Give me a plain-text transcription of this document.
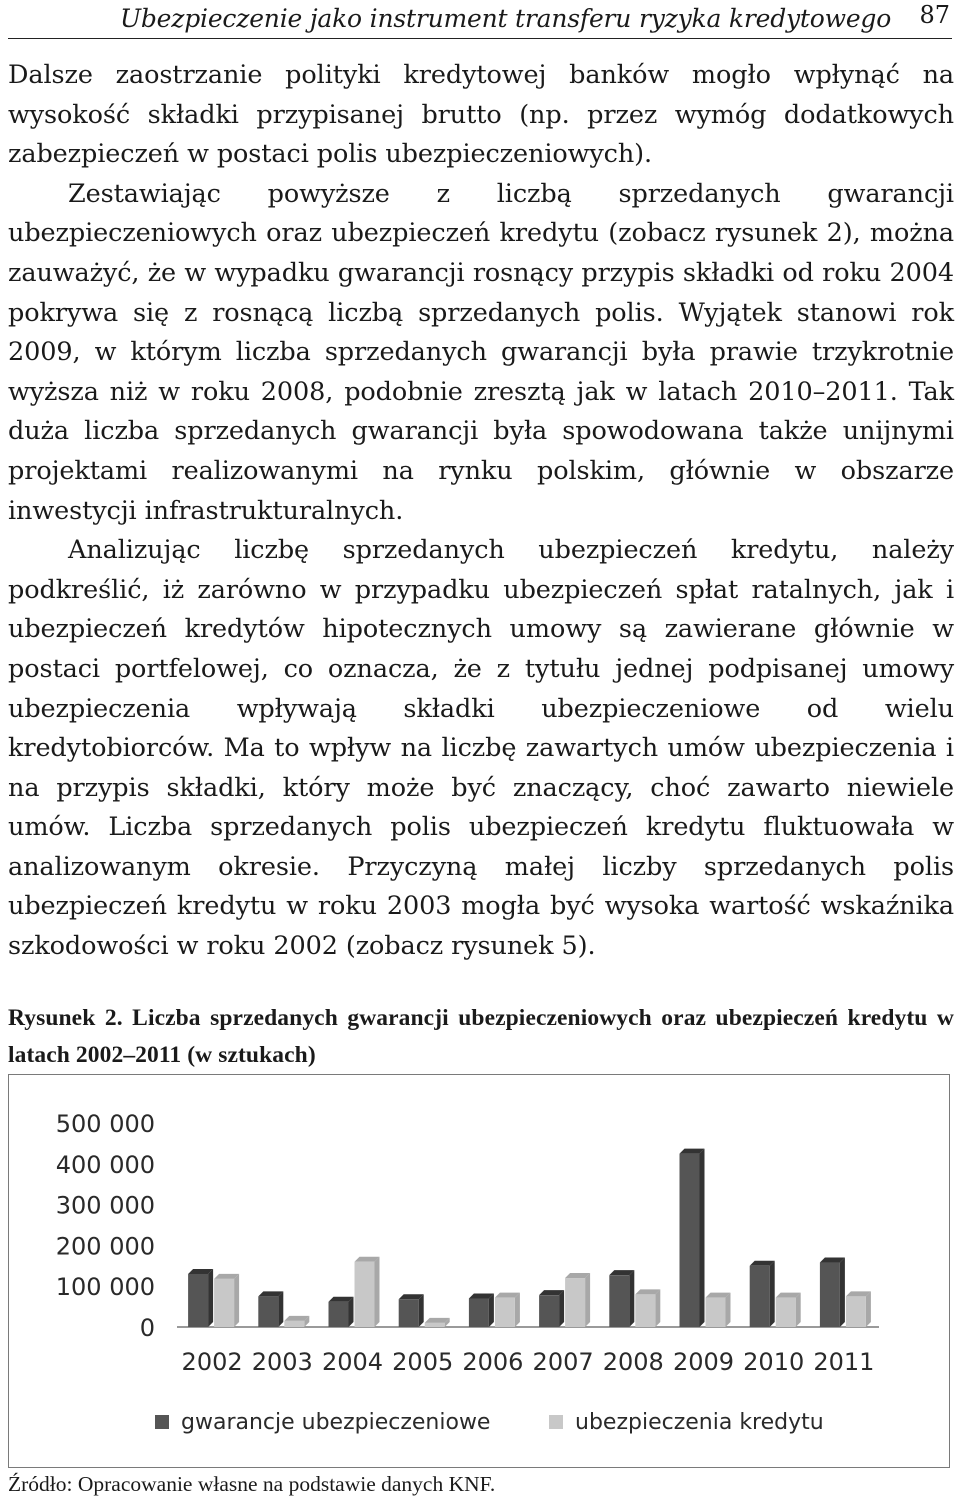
Ubezpieczenie jako instrument transferu ryzyka kredytowego 87

Dalsze zaostrzanie polityki kredytowej banków mogło wpłynąć na wysokość składki przypisanej brutto (np. przez wymóg dodatkowych zabezpieczeń w postaci polis ubezpieczeniowych).

Zestawiając powyższe z liczbą sprzedanych gwarancji ubezpieczeniowych oraz ubezpieczeń kredytu (zobacz rysunek 2), można zauważyć, że w wypadku gwarancji rosnący przypis składki od roku 2004 pokrywa się z rosnącą liczbą sprzedanych polis. Wyjątek stanowi rok 2009, w którym liczba sprzedanych gwarancji była prawie trzykrotnie wyższa niż w roku 2008, podobnie zresztą jak w latach 2010–2011. Tak duża liczba sprzedanych gwarancji była spowodowana także unijnymi projektami realizowanymi na rynku polskim, głównie w obszarze inwestycji infrastrukturalnych.

Analizując liczbę sprzedanych ubezpieczeń kredytu, należy podkreślić, iż zarówno w przypadku ubezpieczeń spłat ratalnych, jak i ubezpieczeń kredytów hipotecznych umowy są zawierane głównie w postaci portfelowej, co oznacza, że z tytułu jednej podpisanej umowy ubezpieczenia wpływają składki ubezpieczeniowe od wielu kredytobiorców. Ma to wpływ na liczbę zawartych umów ubezpieczenia i na przypis składki, który może być znaczący, choć zawarto niewiele umów. Liczba sprzedanych polis ubezpieczeń kredytu fluktuowała w analizowanym okresie. Przyczyną małej liczby sprzedanych polis ubezpieczeń kredytu w roku 2003 mogła być wysoka wartość wskaźnika szkodowości w roku 2002 (zobacz rysunek 5).

Rysunek 2. Liczba sprzedanych gwarancji ubezpieczeniowych oraz ubezpieczeń kredytu w latach 2002–2011 (w sztukach)
0
100 000
200 000
300 000
400 000
500 000
2002 2003 2004 2005 2006 2007 2008 2009 2010 2011
gwarancje ubezpieczeniowe	ubezpieczenia kredytu
Źródło: Opracowanie własne na podstawie danych KNF.
